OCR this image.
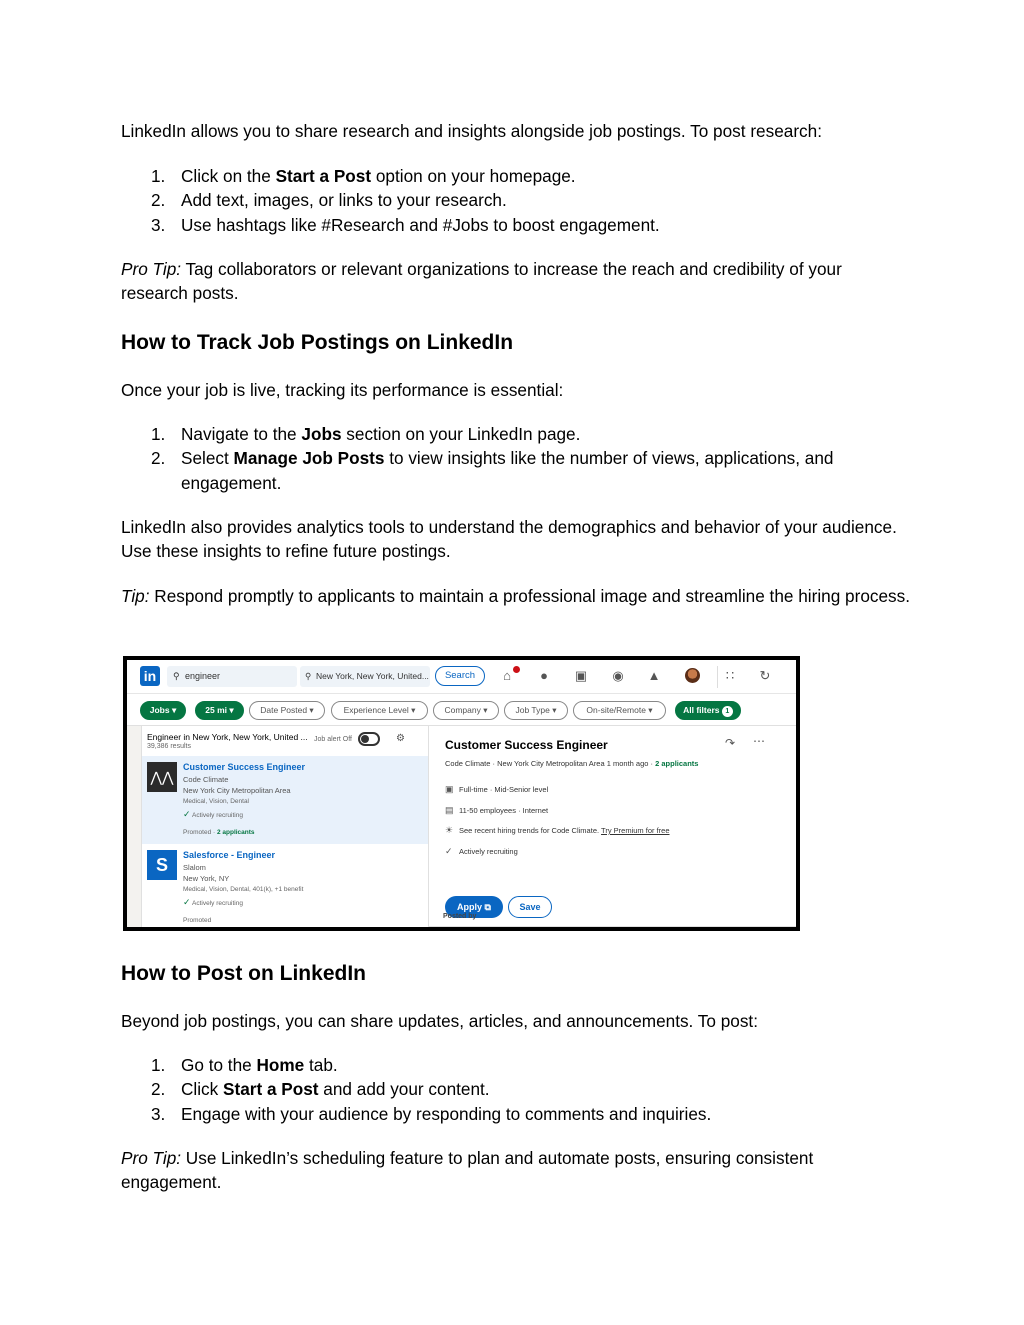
LinkedIn allows you to share research and insights alongside job postings. To post research:
1. Click on the Start a Post option on your homepage.
2. Add text, images, or links to your research.
3. Use hashtags like #Research and #Jobs to boost engagement.
Pro Tip: Tag collaborators or relevant organizations to increase the reach and credibility of your research posts.
How to Track Job Postings on LinkedIn
Once your job is live, tracking its performance is essential:
1. Navigate to the Jobs section on your LinkedIn page.
2. Select Manage Job Posts to view insights like the number of views, applications, and engagement.
LinkedIn also provides analytics tools to understand the demographics and behavior of your audience. Use these insights to refine future postings.
Tip: Respond promptly to applicants to maintain a professional image and streamline the hiring process.
in	⚲ engineer	⚲ New York, New York, United...	Search	⌂	●	▣ ◉ ▲	∷ ↻
Jobs ▾	25 mi ▾	Date Posted ▾	Experience Level ▾	Company ▾	Job Type ▾	On-site/Remote ▾	All filters 1
Engineer in New York, New York, United ...
39,386 results
Job alert Off	⚙
⋀⋀
Customer Success Engineer
Code Climate
New York City Metropolitan Area
Medical, Vision, Dental
✓ Actively recruiting
Promoted · 2 applicants
S	Salesforce - Engineer
Slalom
New York, NY
Medical, Vision, Dental, 401(k), +1 benefit
✓ Actively recruiting
Promoted
Customer Success Engineer	↷ ⋯
Code Climate · New York City Metropolitan Area 1 month ago · 2 applicants
▣ Full-time · Mid-Senior level
▤ 11-50 employees · Internet
☀ See recent hiring trends for Code Climate. Try Premium for free
✓ Actively recruiting
Apply ⧉	Save
Posted by
How to Post on LinkedIn
Beyond job postings, you can share updates, articles, and announcements. To post:
1. Go to the Home tab.
2. Click Start a Post and add your content.
3. Engage with your audience by responding to comments and inquiries.
Pro Tip: Use LinkedIn’s scheduling feature to plan and automate posts, ensuring consistent engagement.
